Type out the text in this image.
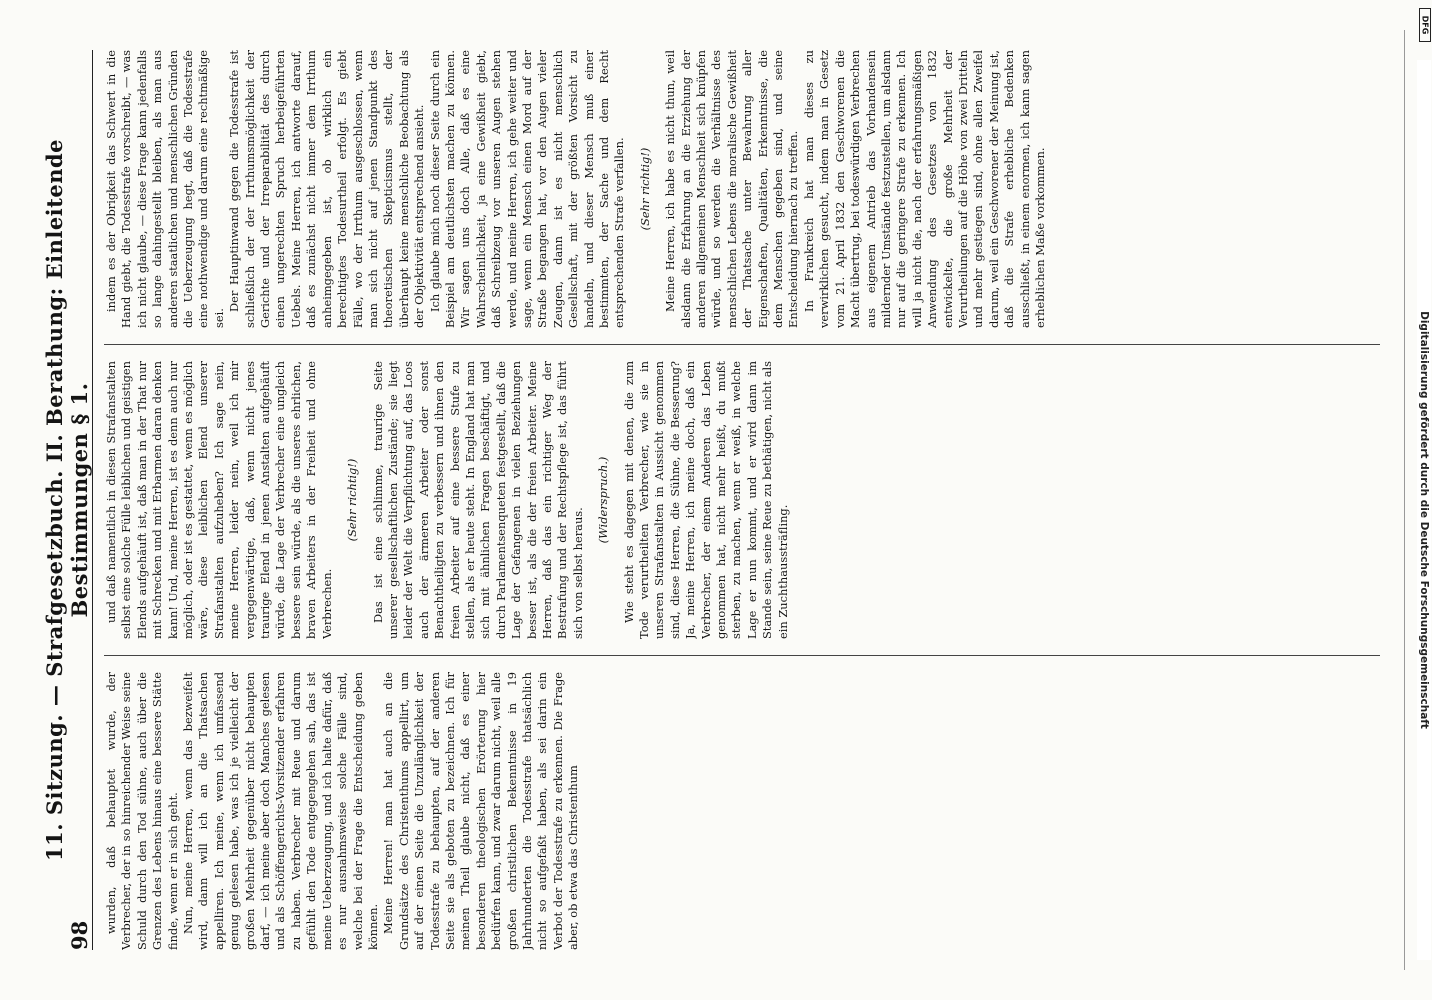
98
11. Sitzung. — Strafgesetzbuch. II. Berathung: Einleitende Bestimmungen § 1.

wurden, daß behauptet wurde, der Verbrecher, der in so hinreichender Weise seine Schuld durch den Tod sühne, auch über die Grenzen des Lebens hinaus eine bessere Stätte finde, wenn er in sich geht. Nun, meine Herren, wenn das bezweifelt wird, dann will ich an die Thatsachen appelliren. Ich meine, wenn ich umfassend genug gelesen habe, was ich je vielleicht der großen Mehrheit gegenüber nicht behaupten darf, — ich meine aber doch Manches gelesen und als Schöffengerichts-Vorsitzender erfahren zu haben. Verbrecher mit Reue und darum gefühlt den Tode entgegengehen sah, das ist meine Ueberzeugung, und ich halte dafür, daß es nur ausnahmsweise solche Fälle sind, welche bei der Frage die Entscheidung geben können. Meine Herren! man hat auch an die Grundsätze des Christenthums appellirt, um auf der einen Seite die Unzulänglichkeit der Todesstrafe zu behaupten, auf der anderen Seite sie als geboten zu bezeichnen. Ich für meinen Theil glaube nicht, daß es einer besonderen theologischen Erörterung hier bedürfen kann, und zwar darum nicht, weil alle großen christlichen Bekenntnisse in 19 Jahrhunderten die Todesstrafe thatsächlich nicht so aufgefaßt haben, als sei darin ein Verbot der Todesstrafe zu erkennen. Die Frage aber, ob etwa das Christenthum

und daß namentlich in diesen Strafanstalten selbst eine solche Fülle leiblichen und geistigen Elends aufgehäuft ist, daß man in der That nur mit Schrecken und mit Erbarmen daran denken kann! Und, meine Herren, ist es denn auch nur möglich, oder ist es gestattet, wenn es möglich wäre, diese leiblichen Elend unserer Strafanstalten aufzuheben? Ich sage nein, meine Herren, leider nein, weil ich mir vergegenwärtige, daß, wenn nicht jenes traurige Elend in jenen Anstalten aufgehäuft würde, die Lage der Verbrecher eine ungleich bessere sein würde, als die unseres ehrlichen, braven Arbeiters in der Freiheit und ohne Verbrechen.

(Sehr richtig!) Das ist eine schlimme, traurige Seite unserer gesellschaftlichen Zustände; sie liegt leider der Welt die Verpflichtung auf, das Loos auch der ärmeren Arbeiter oder sonst Benachtheiligten zu verbessern und ihnen den freien Arbeiter auf eine bessere Stufe zu stellen, als er heute steht. In England hat man sich mit ähnlichen Fragen beschäftigt, und durch Parlamentsenqueten festgestellt, daß die Lage der Gefangenen in vielen Beziehungen besser ist, als die der freien Arbeiter. Meine Herren, daß das ein richtiger Weg der Bestrafung und der Rechtspflege ist, das führt sich von selbst heraus.

(Widerspruch.) Wie steht es dagegen mit denen, die zum Tode verurtheilten Verbrecher, wie sie in unseren Strafanstalten in Aussicht genommen sind, diese Herren, die Sühne, die Besserung? Ja, meine Herren, ich meine doch, daß ein Verbrecher, der einem Anderen das Leben genommen hat, nicht mehr heißt, du mußt sterben, zu machen, wenn er weiß, in welche Lage er nun kommt, und er wird dann im Stande sein, seine Reue zu bethätigen, nicht als ein Zuchthaussträfling.

indem es der Obrigkeit das Schwert in die Hand giebt, die Todesstrafe vorschreibt, — was ich nicht glaube, — diese Frage kann jedenfalls so lange dahingestellt bleiben, als man aus anderen staatlichen und menschlichen Gründen die Ueberzeugung hegt, daß die Todesstrafe eine nothwendige und darum eine rechtmäßige sei.

Der Hauptinwand gegen die Todesstrafe ist schließlich der der Irrthumsmöglichkeit der Gerichte und der Irreparabilität des durch einen ungerechten Spruch herbeigeführten Uebels. Meine Herren, ich antworte darauf, daß es zunächst nicht immer dem Irrthum anheimgegeben ist, ob wirklich ein berechtigtes Todesurtheil erfolgt. Es giebt Fälle, wo der Irrthum ausgeschlossen, wenn man sich nicht auf jenen Standpunkt des theoretischen Skepticismus stellt, der überhaupt keine menschliche Beobachtung als der Objektivität entsprechend ansieht. Ich glaube mich noch dieser Seite durch ein Beispiel am deutlichsten machen zu können. Wir sagen uns doch Alle, daß es eine Wahrscheinlichkeit, ja eine Gewißheit giebt, daß Schreibzeug vor unseren Augen stehen werde, und meine Herren, ich gehe weiter und sage, wenn ein Mensch einen Mord auf der Straße begangen hat, vor den Augen vieler Zeugen, dann ist es nicht menschlich Gesellschaft, mit der größten Vorsicht zu handeln, und dieser Mensch muß einer bestimmten, der Sache und dem Recht entsprechenden Strafe verfallen. (Sehr richtig!) Meine Herren, ich habe es nicht thun, weil alsdann die Erfahrung an die Erziehung der anderen allgemeinen Menschheit sich knüpfen würde, und so werden die Verhältnisse des menschlichen Lebens die moralische Gewißheit der Thatsache unter Bewahrung aller Eigenschaften, Qualitäten, Erkenntnisse, die dem Menschen gegeben sind, und seine Entscheidung hiernach zu treffen. In Frankreich hat man dieses zu verwirklichen gesucht, indem man in Gesetz vom 21. April 1832 den Geschworenen die Macht übertrug, bei todeswürdigen Verbrechen aus eigenem Antrieb das Vorhandensein mildernder Umstände festzustellen, um alsdann nur auf die geringere Strafe zu erkennen. Ich will ja nicht die, nach der erfahrungsmäßigen Anwendung des Gesetzes von 1832 entwickelte, die große Mehrheit der Verurtheilungen auf die Höhe von zwei Dritteln und mehr gestiegen sind, ohne allen Zweifel darum, weil ein Geschworener der Meinung ist, daß die Strafe erhebliche Bedenken ausschließt, in einem enormen, ich kann sagen erheblichen Maße vorkommen.

Digitalisierung gefördert durch die Deutsche Forschungsgemeinschaft
DFG
